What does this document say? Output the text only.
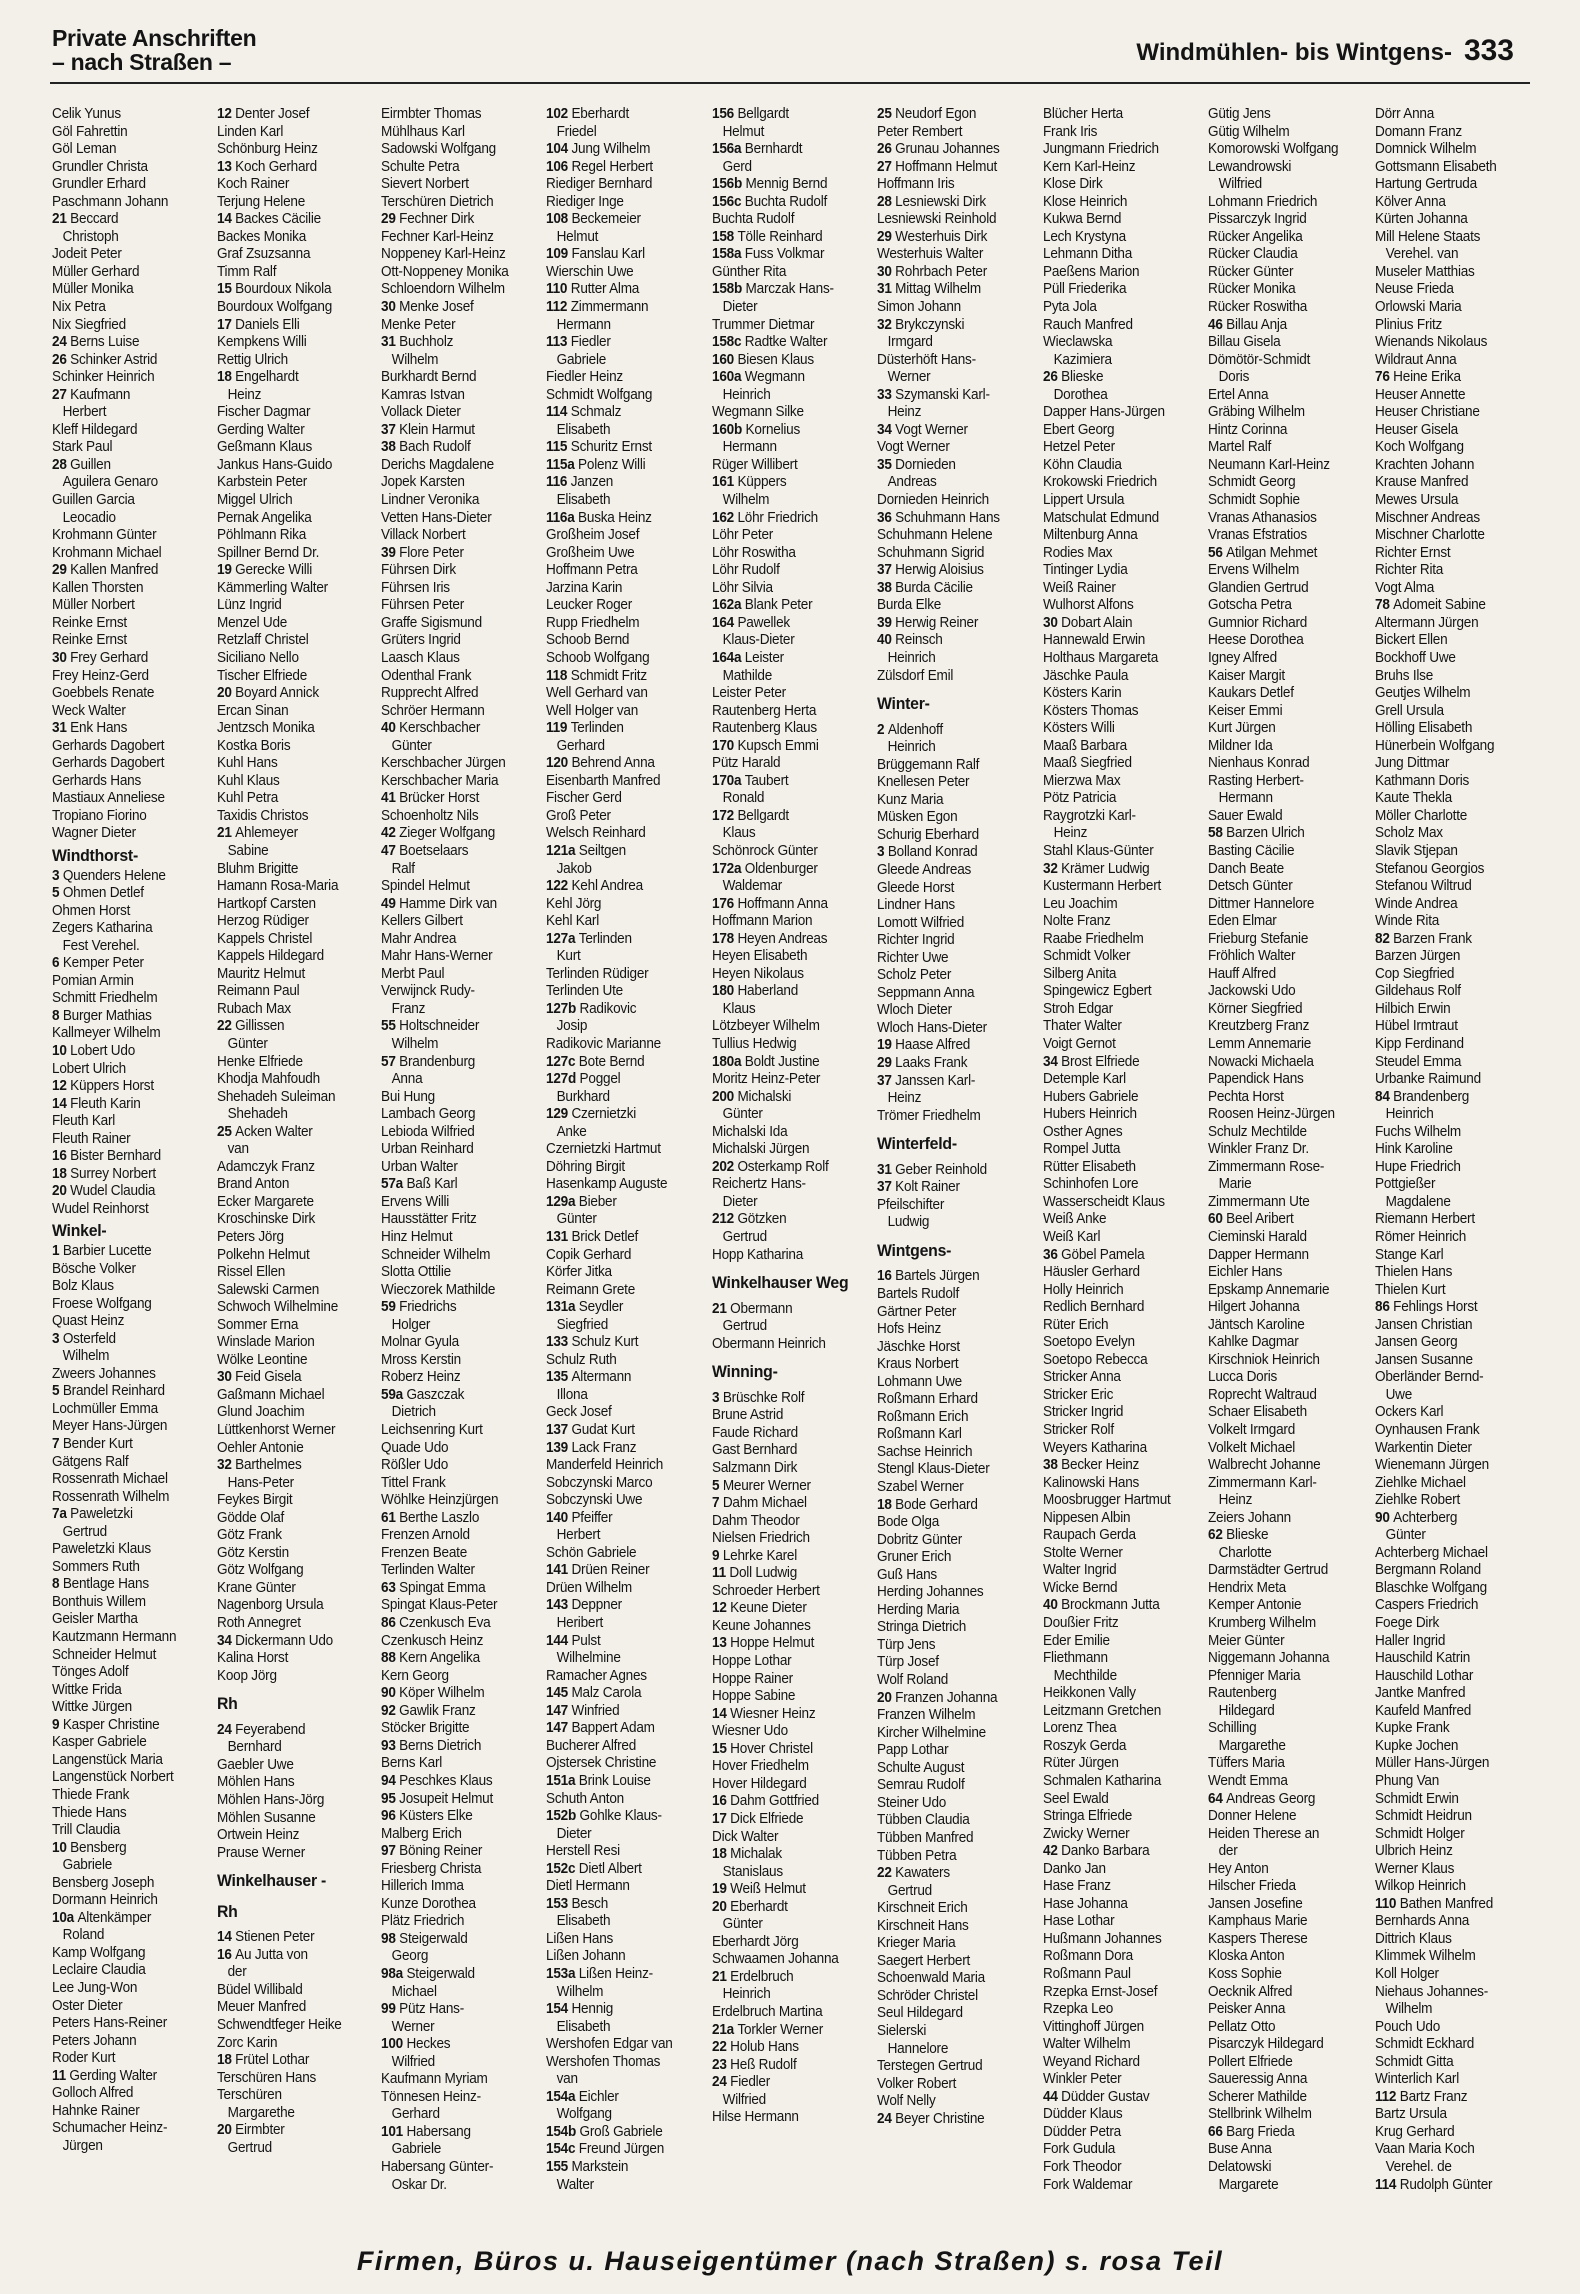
Private Anschriften
– nach Straßen –	Windmühlen- bis Wintgens- 333
Celik Yunus
Göl Fahrettin
Göl Leman
Grundler Christa
Grundler Erhard
Paschmann Johann
21 Beccard
Christoph
Jodeit Peter
Müller Gerhard
Müller Monika
Nix Petra
Nix Siegfried
24 Berns Luise
26 Schinker Astrid
Schinker Heinrich
27 Kaufmann
Herbert
Kleff Hildegard
Stark Paul
28 Guillen
Aguilera Genaro
Guillen Garcia
Leocadio
Krohmann Günter
Krohmann Michael
29 Kallen Manfred
Kallen Thorsten
Müller Norbert
Reinke Ernst
Reinke Ernst
30 Frey Gerhard
Frey Heinz-Gerd
Goebbels Renate
Weck Walter
31 Enk Hans
Gerhards Dagobert
Gerhards Dagobert
Gerhards Hans
Mastiaux Anneliese
Tropiano Fiorino
Wagner Dieter
Windthorst-
3 Quenders Helene
5 Ohmen Detlef
Ohmen Horst
Zegers Katharina
Fest Verehel.
6 Kemper Peter
Pomian Armin
Schmitt Friedhelm
8 Burger Mathias
Kallmeyer Wilhelm
10 Lobert Udo
Lobert Ulrich
12 Küppers Horst
14 Fleuth Karin
Fleuth Karl
Fleuth Rainer
16 Bister Bernhard
18 Surrey Norbert
20 Wudel Claudia
Wudel Reinhorst
Winkel-
1 Barbier Lucette
Bösche Volker
Bolz Klaus
Froese Wolfgang
Quast Heinz
3 Osterfeld
Wilhelm
Zweers Johannes
5 Brandel Reinhard
Lochmüller Emma
Meyer Hans-Jürgen
7 Bender Kurt
Gätgens Ralf
Rossenrath Michael
Rossenrath Wilhelm
7a Paweletzki
Gertrud
Paweletzki Klaus
Sommers Ruth
8 Bentlage Hans
Bonthuis Willem
Geisler Martha
Kautzmann Hermann
Schneider Helmut
Tönges Adolf
Wittke Frida
Wittke Jürgen
9 Kasper Christine
Kasper Gabriele
Langenstück Maria
Langenstück Norbert
Thiede Frank
Thiede Hans
Trill Claudia
10 Bensberg
Gabriele
Bensberg Joseph
Dormann Heinrich
10a Altenkämper
Roland
Kamp Wolfgang
Leclaire Claudia
Lee Jung-Won
Oster Dieter
Peters Hans-Reiner
Peters Johann
Roder Kurt
11 Gerding Walter
Golloch Alfred
Hahnke Rainer
Schumacher Heinz-
Jürgen
12 Denter Josef
Linden Karl
Schönburg Heinz
13 Koch Gerhard
Koch Rainer
Terjung Helene
14 Backes Cäcilie
Backes Monika
Graf Zsuzsanna
Timm Ralf
15 Bourdoux Nikola
Bourdoux Wolfgang
17 Daniels Elli
Kempkens Willi
Rettig Ulrich
18 Engelhardt
Heinz
Fischer Dagmar
Gerding Walter
Geßmann Klaus
Jankus Hans-Guido
Karbstein Peter
Miggel Ulrich
Pernak Angelika
Pöhlmann Rika
Spillner Bernd Dr.
19 Gerecke Willi
Kämmerling Walter
Lünz Ingrid
Menzel Ude
Retzlaff Christel
Siciliano Nello
Tischer Elfriede
20 Boyard Annick
Ercan Sinan
Jentzsch Monika
Kostka Boris
Kuhl Hans
Kuhl Klaus
Kuhl Petra
Taxidis Christos
21 Ahlemeyer
Sabine
Bluhm Brigitte
Hamann Rosa-Maria
Hartkopf Carsten
Herzog Rüdiger
Kappels Christel
Kappels Hildegard
Mauritz Helmut
Reimann Paul
Rubach Max
22 Gillissen
Günter
Henke Elfriede
Khodja Mahfoudh
Shehadeh Suleiman
Shehadeh
25 Acken Walter
van
Adamczyk Franz
Brand Anton
Ecker Margarete
Kroschinske Dirk
Peters Jörg
Polkehn Helmut
Rissel Ellen
Salewski Carmen
Schwoch Wilhelmine
Sommer Erna
Winslade Marion
Wölke Leontine
30 Feid Gisela
Gaßmann Michael
Glund Joachim
Lüttkenhorst Werner
Oehler Antonie
32 Barthelmes
Hans-Peter
Feykes Birgit
Gödde Olaf
Götz Frank
Götz Kerstin
Götz Wolfgang
Krane Günter
Nagenborg Ursula
Roth Annegret
34 Dickermann Udo
Kalina Horst
Koop Jörg

Rh

24 Feyerabend
Bernhard
Gaebler Uwe
Möhlen Hans
Möhlen Hans-Jörg
Möhlen Susanne
Ortwein Heinz
Prause Werner

Winkelhauser -

Rh

14 Stienen Peter
16 Au Jutta von
der
Büdel Willibald
Meuer Manfred
Schwendtfeger Heike
Zorc Karin
18 Frütel Lothar
Terschüren Hans
Terschüren
Margarethe
20 Eirmbter
Gertrud
Eirmbter Thomas
Mühlhaus Karl
Sadowski Wolfgang
Schulte Petra
Sievert Norbert
Terschüren Dietrich
29 Fechner Dirk
Fechner Karl-Heinz
Noppeney Karl-Heinz
Ott-Noppeney Monika
Schloendorn Wilhelm
30 Menke Josef
Menke Peter
31 Buchholz
Wilhelm
Burkhardt Bernd
Kamras Istvan
Vollack Dieter
37 Klein Harmut
38 Bach Rudolf
Derichs Magdalene
Jopek Karsten
Lindner Veronika
Vetten Hans-Dieter
Villack Norbert
39 Flore Peter
Führsen Dirk
Führsen Iris
Führsen Peter
Graffe Sigismund
Grüters Ingrid
Laasch Klaus
Odenthal Frank
Rupprecht Alfred
Schröer Hermann
40 Kerschbacher
Günter
Kerschbacher Jürgen
Kerschbacher Maria
41 Brücker Horst
Schoenholtz Nils
42 Zieger Wolfgang
47 Boetselaars
Ralf
Spindel Helmut
49 Hamme Dirk van
Kellers Gilbert
Mahr Andrea
Mahr Hans-Werner
Merbt Paul
Verwijnck Rudy-
Franz
55 Holtschneider
Wilhelm
57 Brandenburg
Anna
Bui Hung
Lambach Georg
Lebioda Wilfried
Urban Reinhard
Urban Walter
57a Baß Karl
Ervens Willi
Hausstätter Fritz
Hinz Helmut
Schneider Wilhelm
Slotta Ottilie
Wieczorek Mathilde
59 Friedrichs
Holger
Molnar Gyula
Mross Kerstin
Roberz Heinz
59a Gaszczak
Dietrich
Leichsenring Kurt
Quade Udo
Rößler Udo
Tittel Frank
Wöhlke Heinzjürgen
61 Berthe Laszlo
Frenzen Arnold
Frenzen Beate
Terlinden Walter
63 Spingat Emma
Spingat Klaus-Peter
86 Czenkusch Eva
Czenkusch Heinz
88 Kern Angelika
Kern Georg
90 Köper Wilhelm
92 Gawlik Franz
Stöcker Brigitte
93 Berns Dietrich
Berns Karl
94 Peschkes Klaus
95 Josupeit Helmut
96 Küsters Elke
Malberg Erich
97 Böning Reiner
Friesberg Christa
Hillerich Imma
Kunze Dorothea
Plätz Friedrich
98 Steigerwald
Georg
98a Steigerwald
Michael
99 Pütz Hans-
Werner
100 Heckes
Wilfried
Kaufmann Myriam
Tönnesen Heinz-
Gerhard
101 Habersang
Gabriele
Habersang Günter-
Oskar Dr.
102 Eberhardt
Friedel
104 Jung Wilhelm
106 Regel Herbert
Riediger Bernhard
Riediger Inge
108 Beckemeier
Helmut
109 Fanslau Karl
Wierschin Uwe
110 Rutter Alma
112 Zimmermann
Hermann
113 Fiedler
Gabriele
Fiedler Heinz
Schmidt Wolfgang
114 Schmalz
Elisabeth
115 Schuritz Ernst
115a Polenz Willi
116 Janzen
Elisabeth
116a Buska Heinz
Großheim Josef
Großheim Uwe
Hoffmann Petra
Jarzina Karin
Leucker Roger
Rupp Friedhelm
Schoob Bernd
Schoob Wolfgang
118 Schmidt Fritz
Well Gerhard van
Well Holger van
119 Terlinden
Gerhard
120 Behrend Anna
Eisenbarth Manfred
Fischer Gerd
Groß Peter
Welsch Reinhard
121a Seiltgen
Jakob
122 Kehl Andrea
Kehl Jörg
Kehl Karl
127a Terlinden
Kurt
Terlinden Rüdiger
Terlinden Ute
127b Radikovic
Josip
Radikovic Marianne
127c Bote Bernd
127d Poggel
Burkhard
129 Czernietzki
Anke
Czernietzki Hartmut
Döhring Birgit
Hasenkamp Auguste
129a Bieber
Günter
131 Brick Detlef
Copik Gerhard
Körfer Jitka
Reimann Grete
131a Seydler
Siegfried
133 Schulz Kurt
Schulz Ruth
135 Altermann
Illona
Geck Josef
137 Gudat Kurt
139 Lack Franz
Manderfeld Heinrich
Sobczynski Marco
Sobczynski Uwe
140 Pfeiffer
Herbert
Schön Gabriele
141 Drüen Reiner
Drüen Wilhelm
143 Deppner
Heribert
144 Pulst
Wilhelmine
Ramacher Agnes
145 Malz Carola
147 Winfried
147 Bappert Adam
Bucherer Alfred
Ojstersek Christine
151a Brink Louise
Schuth Anton
152b Gohlke Klaus-
Dieter
Herstell Resi
152c Dietl Albert
Dietl Hermann
153 Besch
Elisabeth
Lißen Hans
Lißen Johann
153a Lißen Heinz-
Wilhelm
154 Hennig
Elisabeth
Wershofen Edgar van
Wershofen Thomas
van
154a Eichler
Wolfgang
154b Groß Gabriele
154c Freund Jürgen
155 Markstein
Walter
156 Bellgardt
Helmut
156a Bernhardt
Gerd
156b Mennig Bernd
156c Buchta Rudolf
Buchta Rudolf
158 Tölle Reinhard
158a Fuss Volkmar
Günther Rita
158b Marczak Hans-
Dieter
Trummer Dietmar
158c Radtke Walter
160 Biesen Klaus
160a Wegmann
Heinrich
Wegmann Silke
160b Kornelius
Hermann
Rüger Willibert
161 Küppers
Wilhelm
162 Löhr Friedrich
Löhr Peter
Löhr Roswitha
Löhr Rudolf
Löhr Silvia
162a Blank Peter
164 Pawellek
Klaus-Dieter
164a Leister
Mathilde
Leister Peter
Rautenberg Herta
Rautenberg Klaus
170 Kupsch Emmi
Pütz Harald
170a Taubert
Ronald
172 Bellgardt
Klaus
Schönrock Günter
172a Oldenburger
Waldemar
176 Hoffmann Anna
Hoffmann Marion
178 Heyen Andreas
Heyen Elisabeth
Heyen Nikolaus
180 Haberland
Klaus
Lötzbeyer Wilhelm
Tullius Hedwig
180a Boldt Justine
Moritz Heinz-Peter
200 Michalski
Günter
Michalski Ida
Michalski Jürgen
202 Osterkamp Rolf
Reichertz Hans-
Dieter
212 Götzken
Gertrud
Hopp Katharina

Winkelhauser Weg

21 Obermann
Gertrud
Obermann Heinrich

Winning-

3 Brüschke Rolf
Brune Astrid
Faude Richard
Gast Bernhard
Salzmann Dirk
5 Meurer Werner
7 Dahm Michael
Dahm Theodor
Nielsen Friedrich
9 Lehrke Karel
11 Doll Ludwig
Schroeder Herbert
12 Keune Dieter
Keune Johannes
13 Hoppe Helmut
Hoppe Lothar
Hoppe Rainer
Hoppe Sabine
14 Wiesner Heinz
Wiesner Udo
15 Hover Christel
Hover Friedhelm
Hover Hildegard
16 Dahm Gottfried
17 Dick Elfriede
Dick Walter
18 Michalak
Stanislaus
19 Weiß Helmut
20 Eberhardt
Günter
Eberhardt Jörg
Schwaamen Johanna
21 Erdelbruch
Heinrich
Erdelbruch Martina
21a Torkler Werner
22 Holub Hans
23 Heß Rudolf
24 Fiedler
Wilfried
Hilse Hermann
25 Neudorf Egon
Peter Rembert
26 Grunau Johannes
27 Hoffmann Helmut
Hoffmann Iris
28 Lesniewski Dirk
Lesniewski Reinhold
29 Westerhuis Dirk
Westerhuis Walter
30 Rohrbach Peter
31 Mittag Wilhelm
Simon Johann
32 Brykczynski
Irmgard
Düsterhöft Hans-
Werner
33 Szymanski Karl-
Heinz
34 Vogt Werner
Vogt Werner
35 Dornieden
Andreas
Dornieden Heinrich
36 Schuhmann Hans
Schuhmann Helene
Schuhmann Sigrid
37 Herwig Aloisius
38 Burda Cäcilie
Burda Elke
39 Herwig Reiner
40 Reinsch
Heinrich
Zülsdorf Emil

Winter-

2 Aldenhoff
Heinrich
Brüggemann Ralf
Knellesen Peter
Kunz Maria
Müsken Egon
Schurig Eberhard
3 Bolland Konrad
Gleede Andreas
Gleede Horst
Lindner Hans
Lomott Wilfried
Richter Ingrid
Richter Uwe
Scholz Peter
Seppmann Anna
Wloch Dieter
Wloch Hans-Dieter
19 Haase Alfred
29 Laaks Frank
37 Janssen Karl-
Heinz
Trömer Friedhelm

Winterfeld-

31 Geber Reinhold
37 Kolt Rainer
Pfeilschifter
Ludwig

Wintgens-

16 Bartels Jürgen
Bartels Rudolf
Gärtner Peter
Hofs Heinz
Jäschke Horst
Kraus Norbert
Lohmann Uwe
Roßmann Erhard
Roßmann Erich
Roßmann Karl
Sachse Heinrich
Stengl Klaus-Dieter
Szabel Werner
18 Bode Gerhard
Bode Olga
Dobritz Günter
Gruner Erich
Guß Hans
Herding Johannes
Herding Maria
Stringa Dietrich
Türp Jens
Türp Josef
Wolf Roland
20 Franzen Johanna
Franzen Wilhelm
Kircher Wilhelmine
Papp Lothar
Schulte August
Semrau Rudolf
Steiner Udo
Tübben Claudia
Tübben Manfred
Tübben Petra
22 Kawaters
Gertrud
Kirschneit Erich
Kirschneit Hans
Krieger Maria
Saegert Herbert
Schoenwald Maria
Schröder Christel
Seul Hildegard
Sielerski
Hannelore
Terstegen Gertrud
Volker Robert
Wolf Nelly
24 Beyer Christine
Blücher Herta
Frank Iris
Jungmann Friedrich
Kern Karl-Heinz
Klose Dirk
Klose Heinrich
Kukwa Bernd
Lech Krystyna
Lehmann Ditha
Paeßens Marion
Püll Friederika
Pyta Jola
Rauch Manfred
Wieclawska
Kazimiera
26 Blieske
Dorothea
Dapper Hans-Jürgen
Ebert Georg
Hetzel Peter
Köhn Claudia
Krokowski Friedrich
Lippert Ursula
Matschulat Edmund
Miltenburg Anna
Rodies Max
Tintinger Lydia
Weiß Rainer
Wulhorst Alfons
30 Dobart Alain
Hannewald Erwin
Holthaus Margareta
Jäschke Paula
Kösters Karin
Kösters Thomas
Kösters Willi
Maaß Barbara
Maaß Siegfried
Mierzwa Max
Pötz Patricia
Raygrotzki Karl-
Heinz
Stahl Klaus-Günter
32 Krämer Ludwig
Kustermann Herbert
Leu Joachim
Nolte Franz
Raabe Friedhelm
Schmidt Volker
Silberg Anita
Spingewicz Egbert
Stroh Edgar
Thater Walter
Voigt Gernot
34 Brost Elfriede
Detemple Karl
Hubers Gabriele
Hubers Heinrich
Osther Agnes
Rompel Jutta
Rütter Elisabeth
Schinhofen Lore
Wasserscheidt Klaus
Weiß Anke
Weiß Karl
36 Göbel Pamela
Häusler Gerhard
Holly Heinrich
Redlich Bernhard
Rüter Erich
Soetopo Evelyn
Soetopo Rebecca
Stricker Anna
Stricker Eric
Stricker Ingrid
Stricker Rolf
Weyers Katharina
38 Becker Heinz
Kalinowski Hans
Moosbrugger Hartmut
Nippesen Albin
Raupach Gerda
Stolte Werner
Walter Ingrid
Wicke Bernd
40 Brockmann Jutta
Doußier Fritz
Eder Emilie
Fliethmann
Mechthilde
Heikkonen Vally
Leitzmann Gretchen
Lorenz Thea
Roszyk Gerda
Rüter Jürgen
Schmalen Katharina
Seel Ewald
Stringa Elfriede
Zwicky Werner
42 Danko Barbara
Danko Jan
Hase Franz
Hase Johanna
Hase Lothar
Hußmann Johannes
Roßmann Dora
Roßmann Paul
Rzepka Ernst-Josef
Rzepka Leo
Vittinghoff Jürgen
Walter Wilhelm
Weyand Richard
Winkler Peter
44 Düdder Gustav
Düdder Klaus
Düdder Petra
Fork Gudula
Fork Theodor
Fork Waldemar
Gütig Jens
Gütig Wilhelm
Komorowski Wolfgang
Lewandrowski
Wilfried
Lohmann Friedrich
Pissarczyk Ingrid
Rücker Angelika
Rücker Claudia
Rücker Günter
Rücker Monika
Rücker Roswitha
46 Billau Anja
Billau Gisela
Dömötör-Schmidt
Doris
Ertel Anna
Gräbing Wilhelm
Hintz Corinna
Martel Ralf
Neumann Karl-Heinz
Schmidt Georg
Schmidt Sophie
Vranas Athanasios
Vranas Efstratios
56 Atilgan Mehmet
Ervens Wilhelm
Glandien Gertrud
Gotscha Petra
Gumnior Richard
Heese Dorothea
Igney Alfred
Kaiser Margit
Kaukars Detlef
Keiser Emmi
Kurt Jürgen
Mildner Ida
Nienhaus Konrad
Rasting Herbert-
Hermann
Sauer Ewald
58 Barzen Ulrich
Basting Cäcilie
Danch Beate
Detsch Günter
Dittmer Hannelore
Eden Elmar
Frieburg Stefanie
Fröhlich Walter
Hauff Alfred
Jackowski Udo
Körner Siegfried
Kreutzberg Franz
Lemm Annemarie
Nowacki Michaela
Papendick Hans
Pechta Horst
Roosen Heinz-Jürgen
Schulz Mechtilde
Winkler Franz Dr.
Zimmermann Rose-
Marie
Zimmermann Ute
60 Beel Aribert
Cieminski Harald
Dapper Hermann
Eichler Hans
Epskamp Annemarie
Hilgert Johanna
Jäntsch Karoline
Kahlke Dagmar
Kirschniok Heinrich
Lucca Doris
Roprecht Waltraud
Schaer Elisabeth
Volkelt Irmgard
Volkelt Michael
Walbrecht Johanne
Zimmermann Karl-
Heinz
Zeiers Johann
62 Blieske
Charlotte
Darmstädter Gertrud
Hendrix Meta
Kemper Antonie
Krumberg Wilhelm
Meier Günter
Niggemann Johanna
Pfenniger Maria
Rautenberg
Hildegard
Schilling
Margarethe
Tüffers Maria
Wendt Emma
64 Andreas Georg
Donner Helene
Heiden Therese an
der
Hey Anton
Hilscher Frieda
Jansen Josefine
Kamphaus Marie
Kaspers Therese
Kloska Anton
Koss Sophie
Oecknik Alfred
Peisker Anna
Pellatz Otto
Pisarczyk Hildegard
Pollert Elfriede
Saueressig Anna
Scherer Mathilde
Stellbrink Wilhelm
66 Barg Frieda
Buse Anna
Delatowski
Margarete
Dörr Anna
Domann Franz
Domnick Wilhelm
Gottsmann Elisabeth
Hartung Gertruda
Kölver Anna
Kürten Johanna
Mill Helene Staats
Verehel. van
Museler Matthias
Neuse Frieda
Orlowski Maria
Plinius Fritz
Wienands Nikolaus
Wildraut Anna
76 Heine Erika
Heuser Annette
Heuser Christiane
Heuser Gisela
Koch Wolfgang
Krachten Johann
Krause Manfred
Mewes Ursula
Mischner Andreas
Mischner Charlotte
Richter Ernst
Richter Rita
Vogt Alma
78 Adomeit Sabine
Altermann Jürgen
Bickert Ellen
Bockhoff Uwe
Bruhs Ilse
Geutjes Wilhelm
Grell Ursula
Hölling Elisabeth
Hünerbein Wolfgang
Jung Dittmar
Kathmann Doris
Kaute Thekla
Möller Charlotte
Scholz Max
Slavik Stjepan
Stefanou Georgios
Stefanou Wiltrud
Winde Andrea
Winde Rita
82 Barzen Frank
Barzen Jürgen
Cop Siegfried
Gildehaus Rolf
Hilbich Erwin
Hübel Irmtraut
Kipp Ferdinand
Steudel Emma
Urbanke Raimund
84 Brandenberg
Heinrich
Fuchs Wilhelm
Hink Karoline
Hupe Friedrich
Pottgießer
Magdalene
Riemann Herbert
Römer Heinrich
Stange Karl
Thielen Hans
Thielen Kurt
86 Fehlings Horst
Jansen Christian
Jansen Georg
Jansen Susanne
Oberländer Bernd-
Uwe
Ockers Karl
Oynhausen Frank
Warkentin Dieter
Wienemann Jürgen
Ziehlke Michael
Ziehlke Robert
90 Achterberg
Günter
Achterberg Michael
Bergmann Roland
Blaschke Wolfgang
Caspers Friedrich
Foege Dirk
Haller Ingrid
Hauschild Katrin
Hauschild Lothar
Jantke Manfred
Kaufeld Manfred
Kupke Frank
Kupke Jochen
Müller Hans-Jürgen
Phung Van
Schmidt Erwin
Schmidt Heidrun
Schmidt Holger
Ulbrich Heinz
Werner Klaus
Wilkop Heinrich
110 Bathen Manfred
Bernhards Anna
Dittrich Klaus
Klimmek Wilhelm
Koll Holger
Niehaus Johannes-
Wilhelm
Pouch Udo
Schmidt Eckhard
Schmidt Gitta
Winterlich Karl
112 Bartz Franz
Bartz Ursula
Krug Gerhard
Vaan Maria Koch
Verehel. de
114 Rudolph Günter
Firmen, Büros u. Hauseigentümer (nach Straßen) s. rosa Teil
